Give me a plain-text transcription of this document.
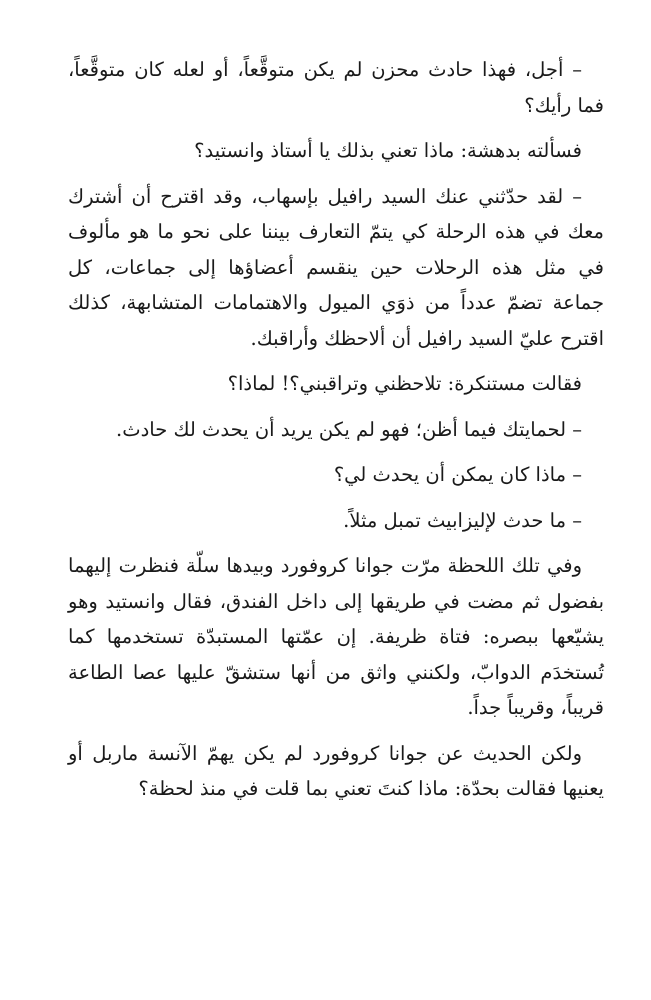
– أجل، فهذا حادث محزن لم يكن متوقَّعاً، أو لعله كان متوقَّعاً، فما رأيك؟

فسألته بدهشة: ماذا تعني بذلك يا أستاذ وانستيد؟

– لقد حدّثني عنك السيد رافيل بإسهاب، وقد اقترح أن أشترك معك في هذه الرحلة كي يتمّ التعارف بيننا على نحو ما هو مألوف في مثل هذه الرحلات حين ينقسم أعضاؤها إلى جماعات، كل جماعة تضمّ عدداً من ذوَي الميول والاهتمامات المتشابهة، كذلك اقترح عليّ السيد رافيل أن ألاحظك وأراقبك.

فقالت مستنكرة: تلاحظني وتراقبني؟! لماذا؟

– لحمايتك فيما أظن؛ فهو لم يكن يريد أن يحدث لك حادث.

– ماذا كان يمكن أن يحدث لي؟

– ما حدث لإليزابيث تمبل مثلاً.

وفي تلك اللحظة مرّت جوانا كروفورد وبيدها سلّة فنظرت إليهما بفضول ثم مضت في طريقها إلى داخل الفندق، فقال وانستيد وهو يشيّعها ببصره: فتاة ظريفة. إن عمّتها المستبدّة تستخدمها كما تُستخدَم الدوابّ، ولكنني واثق من أنها ستشقّ عليها عصا الطاعة قريباً، وقريباً جداً.

ولكن الحديث عن جوانا كروفورد لم يكن يهمّ الآنسة ماربل أو يعنيها فقالت بحدّة: ماذا كنتَ تعني بما قلت في منذ لحظة؟
